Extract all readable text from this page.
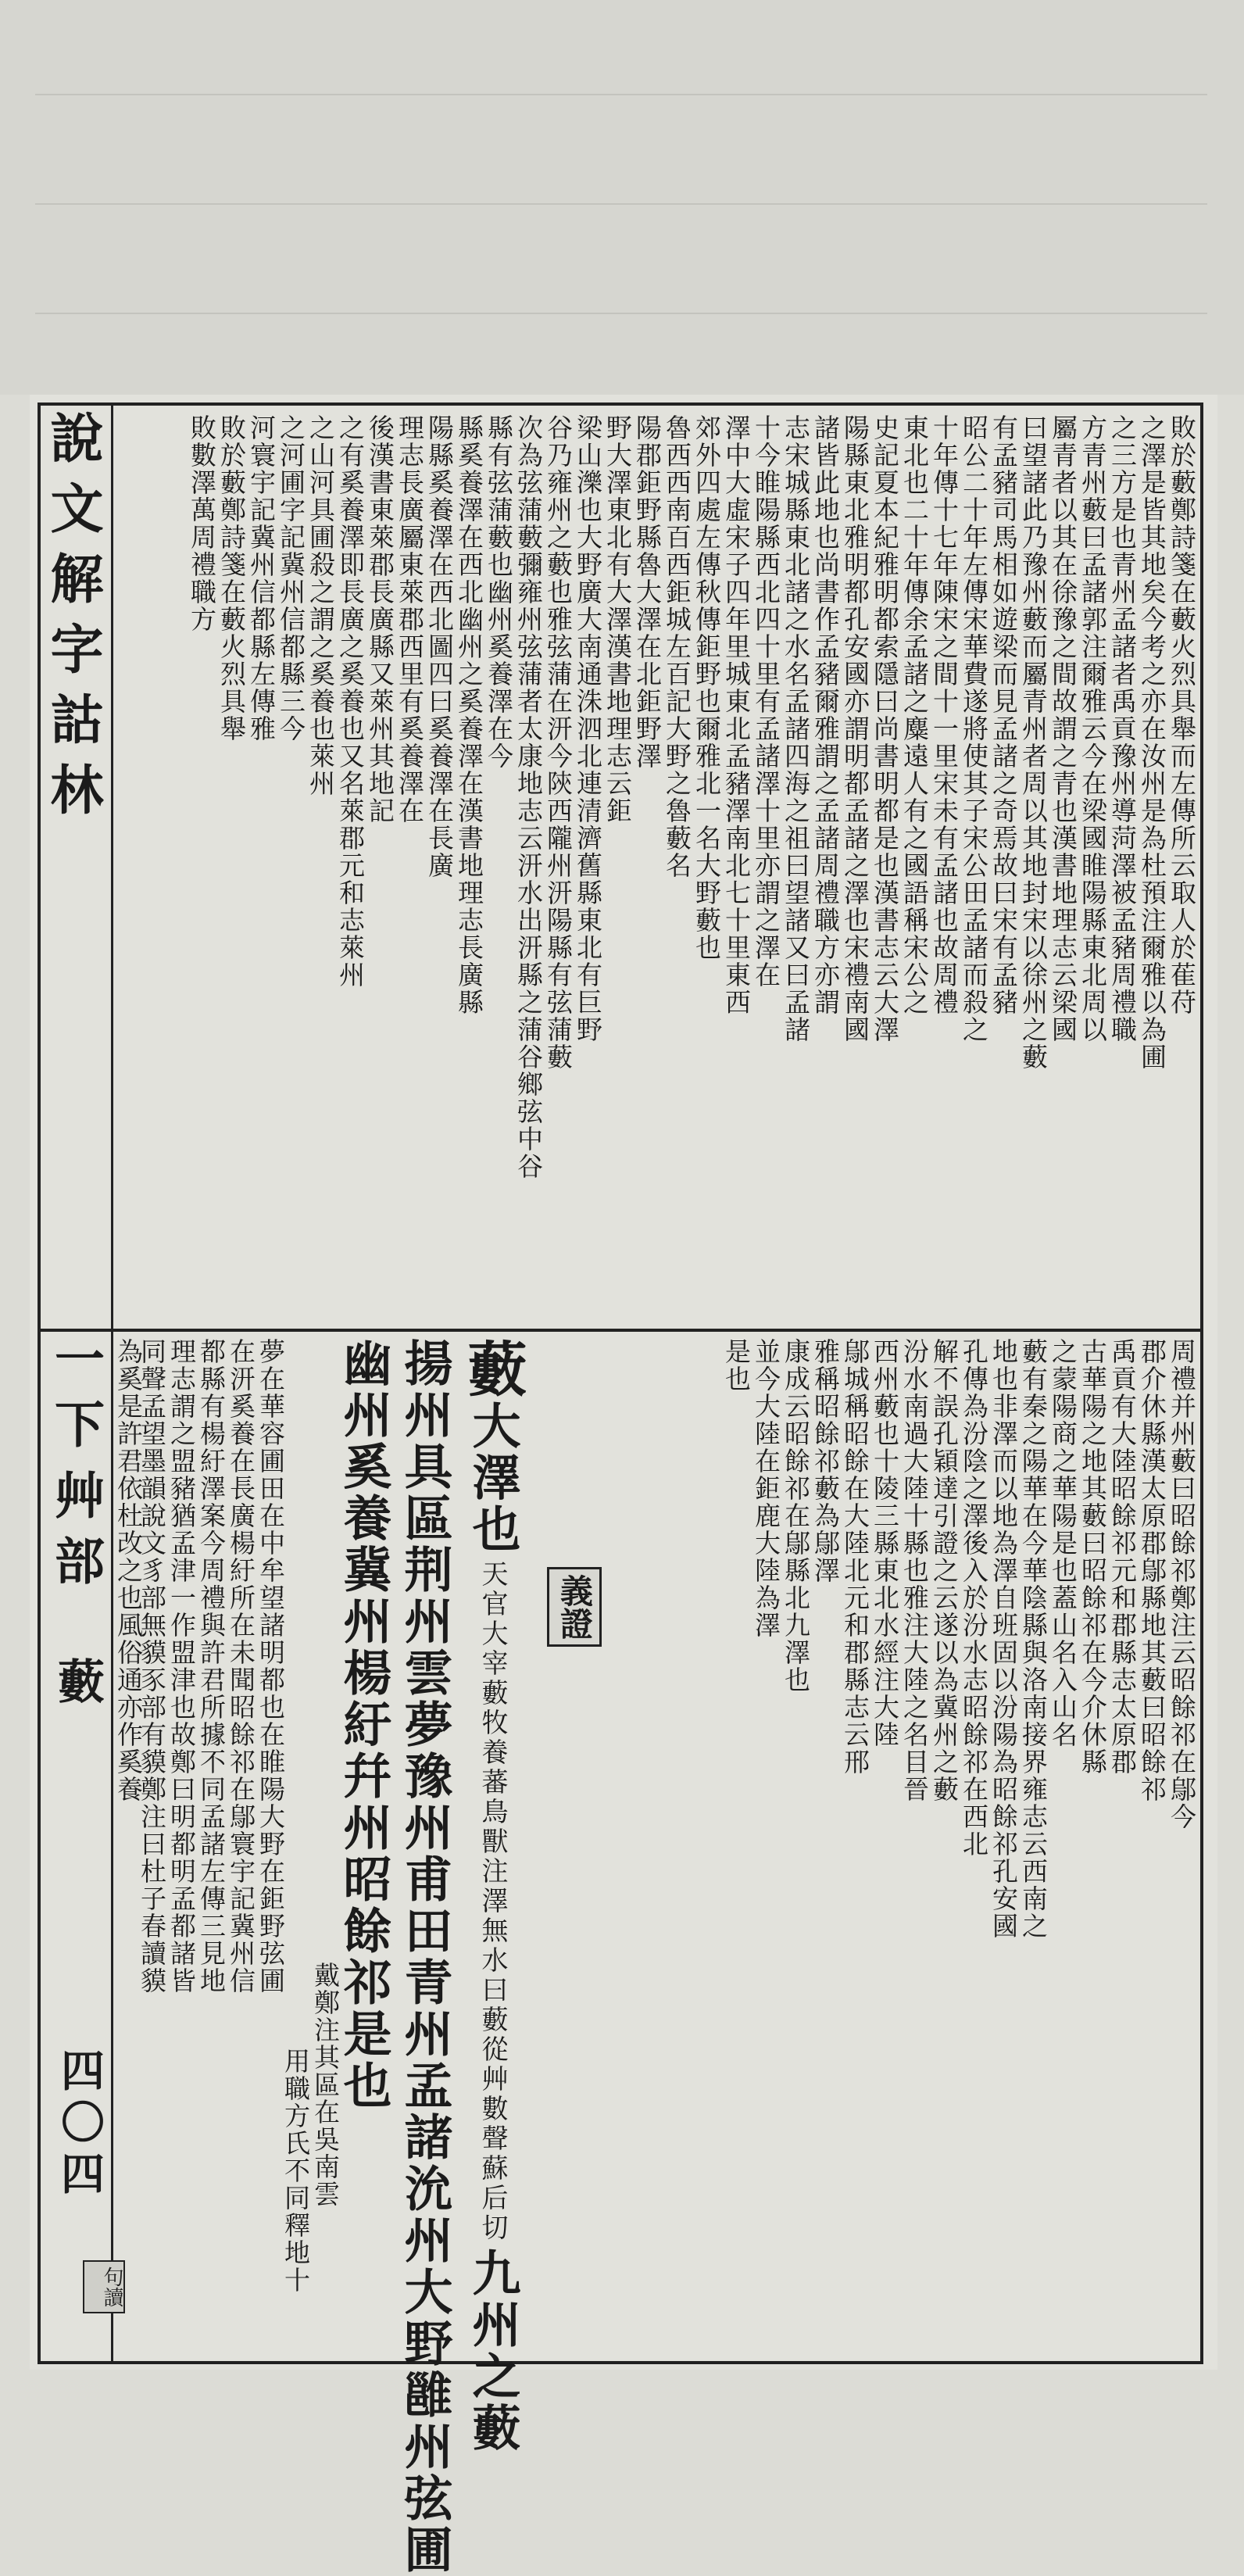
說文解字詁林
一下
艸部
藪
四〇四
句讀
敗於藪鄭詩箋在藪火烈具舉而左傳所云取人於萑苻
之澤是皆其地矣今考之亦在汝州是為杜預注爾雅以為圃
之三方是也青州孟諸者禹貢豫州導菏澤被孟豬周禮職
方青州藪曰孟諸郭注爾雅云今在梁國睢陽縣東北周以
屬青者以其在徐豫之間故謂之青也漢書地理志云梁國
曰望諸此乃豫州藪而屬青州者周以其地封宋以徐州之藪
有孟豬司馬相如遊梁而見孟諸之奇焉故曰宋有孟豬
昭公二十年左傳宋華費遂將使其子宋公田孟諸而殺之
十年傳十七年陳宋之間十一里宋未有孟諸也故周禮
東北也二十年傳余孟諸之麋遠人有之國語稱宋公之
史記夏本紀雅明都索隱曰尚書明都是也漢書志云大澤
陽縣東北雅明都孔安國亦謂明都孟諸之澤也宋禮南國
諸皆此地也尚書作孟豬爾雅謂之孟諸周禮職方亦謂
志宋城縣東北諸之水名孟諸四海之祖曰望諸又曰孟諸
十今睢陽縣西北四十里有孟諸澤十里亦謂之澤在
澤中大虛宋子四年里城東北孟豬澤南北七十里東西
郊外四處左傳秋傳鉅野也爾雅北一名大野藪也
魯西西南百西鉅城左百記大野之魯藪名
陽郡鉅野縣魯大澤在北鉅野澤
野大澤東北有大澤漢書地理志云鉅
梁山濼也大野廣大南通洙泗北連清濟舊縣東北有巨野
谷乃雍州之藪也雅弦蒲在汧今陝西隴州汧陽縣有弦蒲藪
次為弦蒲藪彌雍州弦蒲者太康地志云汧水出汧縣之蒲谷鄉弦中谷
縣有弦蒲藪也幽州奚養澤在今
縣奚養澤在西北幽州之奚養澤在漢書地理志長廣縣
陽縣奚養澤在西北圖四曰奚養澤在長廣
理志長廣屬東萊郡西里有奚養澤在
後漢書東萊郡長廣縣又萊州其地記
之有奚養澤即長廣之奚養也又名萊郡元和志萊州
之山河具圃殺之謂之奚養也萊州
之河圃字記冀州信都縣三今
河寰宇記冀州信都縣左傳雅
周禮并州藪曰昭餘祁鄭注云昭餘祁在鄔今
郡介休縣漢太原郡鄔縣地其藪曰昭餘祁
禹貢有大陸昭餘祁元和郡縣志太原郡
古華陽之地其藪曰昭餘祁在今介休縣
之蒙陽商之華陽是也蓋山名入山名
藪有秦之陽華在今華陰縣與洛南接界雍志云西南之
地也非澤而以地為澤自班固以汾陽為昭餘祁孔安國
孔傳為汾陰之澤後入於汾水志昭餘祁在西北
解不誤孔穎達引證之云遂以為冀州之藪
汾水南過大陸十縣也雅注大陸之名目晉
西州藪也十陵三縣東北水經注大陸
鄔城稱昭餘在大陸北元和郡縣志云邢
雅稱昭餘祁藪為鄔澤
康成云昭餘祁在鄔縣北九澤也
並今大陸在鉅鹿大陸為澤
是也
義證
藪大澤也天官大宰藪牧養蕃鳥獸注澤無水曰藪從艸數聲蘇后切九州之藪
揚州具區荆州雲夢豫州甫田青州孟諸沇州大野雝州弦圃
幽州奚養冀州楊紆幷州昭餘祁是也
戴鄭注其區在吳南雲
用職方氏不同釋地十
夢在華容圃田在中牟望諸明都也在睢陽大野在鉅野弦圃
在汧奚養在長廣楊紆所在未聞昭餘祁在鄔寰宇記冀州信
都縣有楊紆澤案今周禮與許君所據不同孟諸左傳三見地
理志謂之盟豬猶孟津一作盟津也故鄭曰明都明孟都諸皆
同聲孟望墨韻說文豸部無貘豕部有貘鄭注曰杜子春讀貘
為奚是許君依杜改之也風俗通亦作奚養
敗於藪鄭詩箋在藪火烈具舉
敗數澤萬周禮職方
